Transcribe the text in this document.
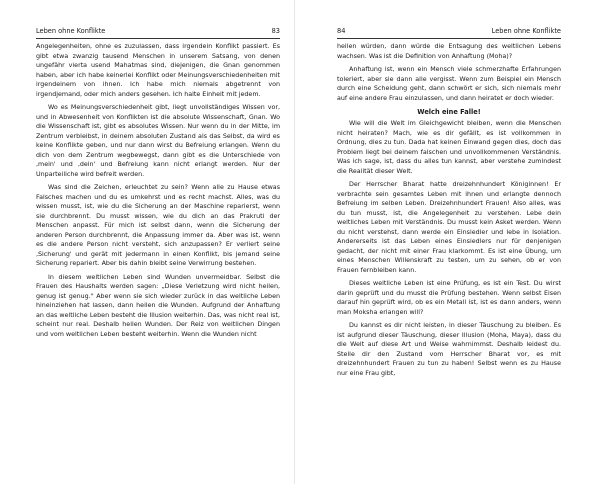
Leben ohne Konflikte	83

Angelegenheiten, ohne es zuzulassen, dass irgendein Konflikt passiert. Es gibt etwa zwanzig tausend Menschen in unserem Satsang, von denen ungefähr vierta usend Mahatmas sind, diejenigen, die Gnan genommen haben, aber ich habe keinerlei Konflikt oder Meinungsverschiedenheiten mit irgendeinem von ihnen. Ich habe mich niemals abgetrennt von irgendjemand, oder mich anders gesehen. Ich halte Einheit mit jedem.

Wo es Meinungsverschiedenheit gibt, liegt unvollständiges Wissen vor, und in Abwesenheit von Konflikten ist die absolute Wissenschaft, Gnan. Wo die Wissenschaft ist, gibt es absolutes Wissen. Nur wenn du in der Mitte, im Zentrum verbleibst, in deinem absoluten Zustand als das Selbst, da wird es keine Konflikte geben, und nur dann wirst du Befreiung erlangen. Wenn du dich von dem Zentrum wegbewegst, dann gibt es die Unterschiede von ‚mein' und ‚dein' und Befreiung kann nicht erlangt werden. Nur der Unparteiliche wird befreit werden.

Was sind die Zeichen, erleuchtet zu sein? Wenn alle zu Hause etwas Falsches machen und du es umkehrst und es recht machst. Alles, was du wissen musst, ist, wie du die Sicherung an der Maschine reparierst, wenn sie durchbrennt. Du musst wissen, wie du dich an das Prakruti der Menschen anpasst. Für mich ist selbst dann, wenn die Sicherung der anderen Person durchbrennt, die Anpassung immer da. Aber was ist, wenn es die andere Person nicht versteht, sich anzupassen? Er verliert seine ‚Sicherung' und gerät mit jedermann in einen Konflikt, bis jemand seine Sicherung repariert. Aber bis dahin bleibt seine Verwirrung bestehen.

In diesem weltlichen Leben sind Wunden unvermeidbar. Selbst die Frauen des Haushalts werden sagen: „Diese Verletzung wird nicht heilen, genug ist genug." Aber wenn sie sich wieder zurück in das weltliche Leben hineinziehen hat lassen, dann heilen die Wunden. Aufgrund der Anhaftung an das weltliche Leben besteht die Illusion weiterhin. Das, was nicht real ist, scheint nur real. Deshalb heilen Wunden. Der Reiz von weltlichen Dingen und vom weltlichen Leben besteht weiterhin. Wenn die Wunden nicht

84	Leben ohne Konflikte

heilen würden, dann würde die Entsagung des weltlichen Lebens wachsen. Was ist die Definition von Anhaftung (Moha)?

Anhaftung ist, wenn ein Mensch viele schmerzhafte Erfahrungen toleriert, aber sie dann alle vergisst. Wenn zum Beispiel ein Mensch durch eine Scheidung geht, dann schwört er sich, sich niemals mehr auf eine andere Frau einzulassen, und dann heiratet er doch wieder.

Welch eine Falle!

Wie will die Welt im Gleichgewicht bleiben, wenn die Menschen nicht heiraten? Mach, wie es dir gefällt, es ist vollkommen in Ordnung, dies zu tun. Dada hat keinen Einwand gegen dies, doch das Problem liegt bei deinem falschen und unvollkommenen Verständnis. Was ich sage, ist, dass du alles tun kannst, aber verstehe zumindest die Realität dieser Welt.

Der Herrscher Bharat hatte dreizehnhundert Königinnen! Er verbrachte sein gesamtes Leben mit ihnen und erlangte dennoch Befreiung im selben Leben. Dreizehnhundert Frauen! Also alles, was du tun musst, ist, die Angelegenheit zu verstehen. Lebe dein weltliches Leben mit Verständnis. Du musst kein Asket werden. Wenn du nicht verstehst, dann werde ein Einsiedler und lebe in Isolation. Andererseits ist das Leben eines Einsiedlers nur für denjenigen gedacht, der nicht mit einer Frau klarkommt. Es ist eine Übung, um eines Menschen Willenskraft zu testen, um zu sehen, ob er von Frauen fernbleiben kann.

Dieses weltliche Leben ist eine Prüfung, es ist ein Test. Du wirst darin geprüft und du musst die Prüfung bestehen. Wenn selbst Eisen darauf hin geprüft wird, ob es ein Metall ist, ist es dann anders, wenn man Moksha erlangen will?

Du kannst es dir nicht leisten, in dieser Täuschung zu bleiben. Es ist aufgrund dieser Täuschung, dieser Illusion (Moha, Maya), dass du die Welt auf diese Art und Weise wahrnimmst. Deshalb leidest du. Stelle dir den Zustand vom Herrscher Bharat vor, es mit dreizehnhundert Frauen zu tun zu haben! Selbst wenn es zu Hause nur eine Frau gibt,
